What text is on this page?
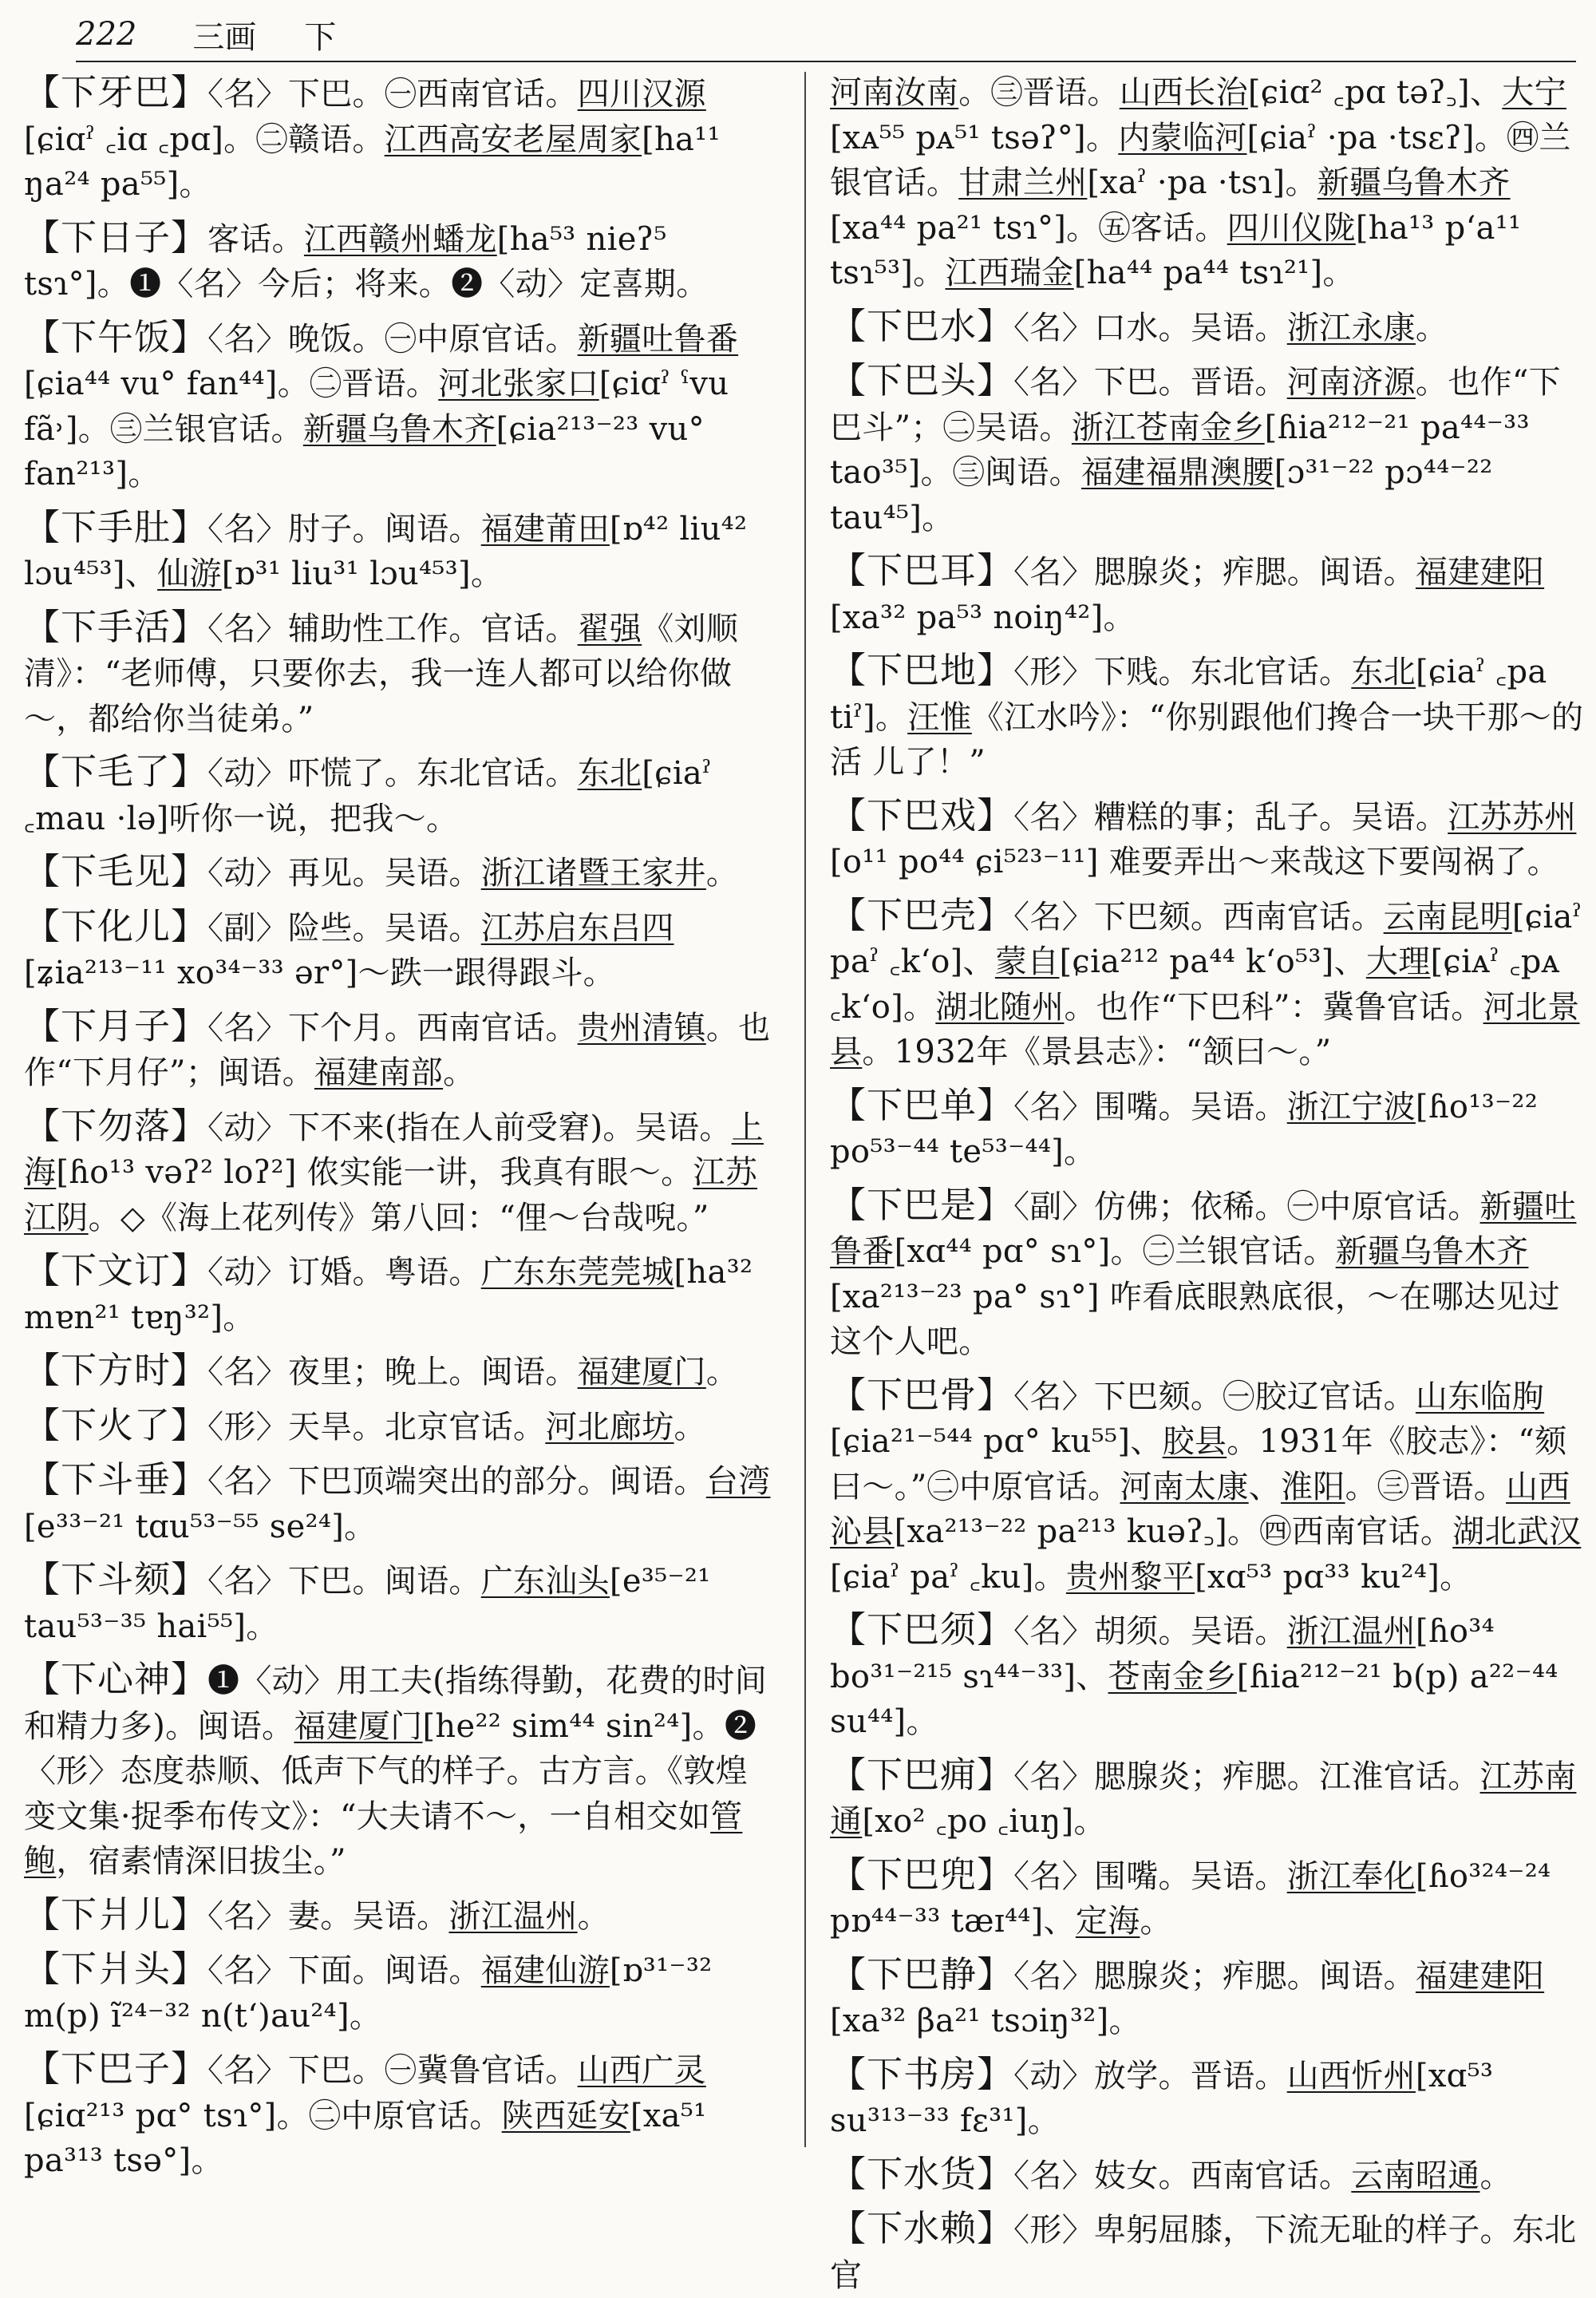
222 三画 下

【下牙巴】〈名〉下巴。㊀西南官话。四川汉源[ɕiɑˀ ꜀iɑ ꜀pɑ]。㊁赣语。江西高安老屋周家[ha¹¹ ŋa²⁴ pa⁵⁵]。

【下日子】客话。江西赣州蟠龙[ha⁵³ nieʔ⁵ tsɿ°]。❶〈名〉今后；将来。❷〈动〉定喜期。

【下午饭】〈名〉晚饭。㊀中原官话。新疆吐鲁番[ɕia⁴⁴ vu° fan⁴⁴]。㊁晋语。河北张家口[ɕiɑˀ ˁvu fã˒]。㊂兰银官话。新疆乌鲁木齐[ɕia²¹³⁻²³ vu° fan²¹³]。

【下手肚】〈名〉肘子。闽语。福建莆田[ɒ⁴² liu⁴² lɔu⁴⁵³]、仙游[ɒ³¹ liu³¹ lɔu⁴⁵³]。

【下手活】〈名〉辅助性工作。官话。翟强《刘顺清》：“老师傅，只要你去，我一连人都可以给你做～，都给你当徒弟。”

【下毛了】〈动〉吓慌了。东北官话。东北[ɕiaˀ ꜀mau ·lə]听你一说，把我～。

【下毛见】〈动〉再见。吴语。浙江诸暨王家井。

【下化儿】〈副〉险些。吴语。江苏启东吕四[ʑia²¹³⁻¹¹ xo³⁴⁻³³ ər°]～跌一跟得跟斗。

【下月子】〈名〉下个月。西南官话。贵州清镇。也作“下月仔”；闽语。福建南部。

【下勿落】〈动〉下不来(指在人前受窘)。吴语。上海[ɦo¹³ vəʔ² loʔ²] 侬实能一讲，我真有眼～。江苏江阴。◇《海上花列传》第八回：“俚～台哉唲。”

【下文订】〈动〉订婚。粤语。广东东莞莞城[ha³² mɐn²¹ tɐŋ³²]。

【下方时】〈名〉夜里；晚上。闽语。福建厦门。

【下火了】〈形〉天旱。北京官话。河北廊坊。

【下斗垂】〈名〉下巴顶端突出的部分。闽语。台湾[e³³⁻²¹ tɑu⁵³⁻⁵⁵ se²⁴]。

【下斗颏】〈名〉下巴。闽语。广东汕头[e³⁵⁻²¹ tau⁵³⁻³⁵ hai⁵⁵]。

【下心神】❶〈动〉用工夫(指练得勤，花费的时间和精力多)。闽语。福建厦门[he²² sim⁴⁴ sin²⁴]。❷〈形〉态度恭顺、低声下气的样子。古方言。《敦煌变文集·捉季布传文》：“大夫请不～，一自相交如管鲍，宿素情深旧拔尘。”

【下爿儿】〈名〉妻。吴语。浙江温州。

【下爿头】〈名〉下面。闽语。福建仙游[ɒ³¹⁻³² m(p) ĩ²⁴⁻³² n(tʻ)au²⁴]。

【下巴子】〈名〉下巴。㊀冀鲁官话。山西广灵[ɕiɑ²¹³ pɑ° tsɿ°]。㊁中原官话。陕西延安[xa⁵¹ pa³¹³ tsə°]。

河南汝南。㊂晋语。山西长治[ɕiɑ² ꜀pɑ təʔ꜆]、大宁[xᴀ⁵⁵ pᴀ⁵¹ tsəʔ°]。内蒙临河[ɕiaˀ ·pa ·tsɛʔ]。㊃兰银官话。甘肃兰州[xaˀ ·pa ·tsɿ]。新疆乌鲁木齐[xa⁴⁴ pa²¹ tsɿ°]。㊄客话。四川仪陇[ha¹³ pʻa¹¹ tsɿ⁵³]。江西瑞金[ha⁴⁴ pa⁴⁴ tsɿ²¹]。

【下巴水】〈名〉口水。吴语。浙江永康。

【下巴头】〈名〉下巴。晋语。河南济源。也作“下巴斗”；㊁吴语。浙江苍南金乡[ɦia²¹²⁻²¹ pa⁴⁴⁻³³ tao³⁵]。㊂闽语。福建福鼎澳腰[ɔ³¹⁻²² pɔ⁴⁴⁻²² tau⁴⁵]。

【下巴耳】〈名〉腮腺炎；痄腮。闽语。福建建阳[xa³² pa⁵³ noiŋ⁴²]。

【下巴地】〈形〉下贱。东北官话。东北[ɕiaˀ ꜀pa tiˀ]。汪惟《江水吟》：“你别跟他们搀合一块干那～的 活 儿了！”

【下巴戏】〈名〉糟糕的事；乱子。吴语。江苏苏州[o¹¹ po⁴⁴ ɕi⁵²³⁻¹¹] 难要弄出～来哉这下要闯祸了。

【下巴壳】〈名〉下巴颏。西南官话。云南昆明[ɕiaˀ paˀ ꜀kʻo]、蒙自[ɕia²¹² pa⁴⁴ kʻo⁵³]、大理[ɕiᴀˀ ꜀pᴀ ꜀kʻo]。湖北随州。也作“下巴科”：冀鲁官话。河北景县。1932年《景县志》：“颔曰～。”

【下巴单】〈名〉围嘴。吴语。浙江宁波[ɦo¹³⁻²² po⁵³⁻⁴⁴ te⁵³⁻⁴⁴]。

【下巴是】〈副〉仿佛；依稀。㊀中原官话。新疆吐鲁番[xɑ⁴⁴ pɑ° sɿ°]。㊁兰银官话。新疆乌鲁木齐[xa²¹³⁻²³ pa° sɿ°] 咋看底眼熟底很，～在哪达见过这个人吧。

【下巴骨】〈名〉下巴颏。㊀胶辽官话。山东临朐[ɕia²¹⁻⁵⁴⁴ pɑ° ku⁵⁵]、胶县。1931年《胶志》：“颏曰～。”㊁中原官话。河南太康、淮阳。㊂晋语。山西沁县[xa²¹³⁻²² pa²¹³ kuəʔ꜆]。㊃西南官话。湖北武汉[ɕiaˀ paˀ ꜀ku]。贵州黎平[xɑ⁵³ pɑ³³ ku²⁴]。

【下巴须】〈名〉胡须。吴语。浙江温州[ɦo³⁴ bo³¹⁻²¹⁵ sɿ⁴⁴⁻³³]、苍南金乡[ɦia²¹²⁻²¹ b(p) a²²⁻⁴⁴ su⁴⁴]。

【下巴痈】〈名〉腮腺炎；痄腮。江淮官话。江苏南通[xo² ꜀po ꜀iuŋ]。

【下巴兜】〈名〉围嘴。吴语。浙江奉化[ɦo³²⁴⁻²⁴ pɒ⁴⁴⁻³³ tæɪ⁴⁴]、定海。

【下巴静】〈名〉腮腺炎；痄腮。闽语。福建建阳[xa³² βa²¹ tsɔiŋ³²]。

【下书房】〈动〉放学。晋语。山西忻州[xɑ⁵³ su³¹³⁻³³ fɛ³¹]。

【下水货】〈名〉妓女。西南官话。云南昭通。

【下水赖】〈形〉卑躬屈膝，下流无耻的样子。东北官
